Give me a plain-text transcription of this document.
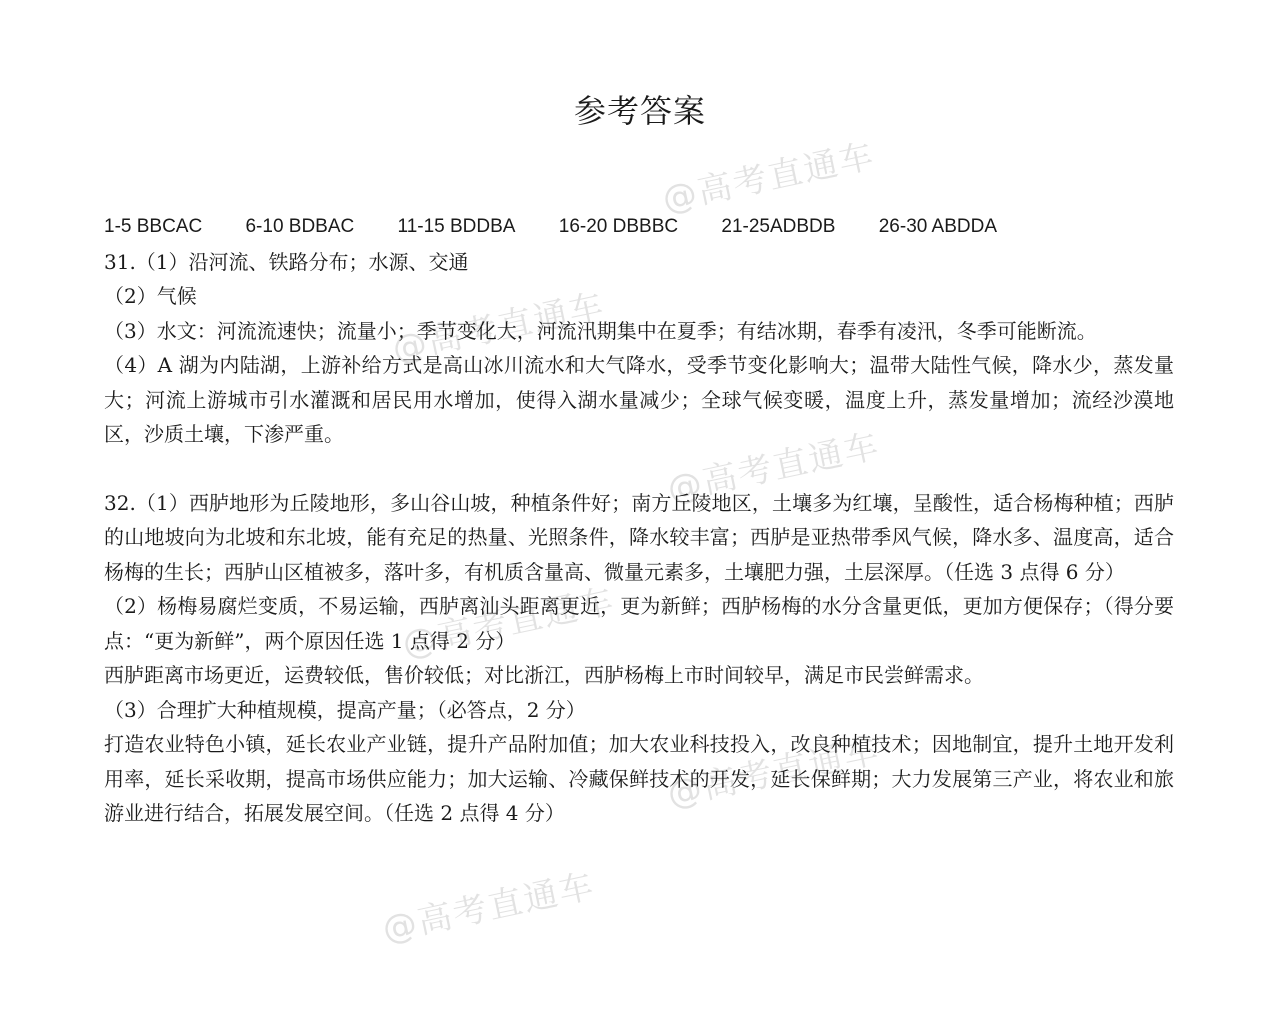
参考答案
@高考直通车
@高考直通车
@高考直通车
@高考直通车
@高考直通车
@高考直通车

1-5 BBCAC 6-10 BDBAC 11-15 BDDBA 16-20 DBBBC 21-25ADBDB 26-30 ABDDA

31.（1）沿河流、铁路分布；水源、交通

（2）气候

（3）水文：河流流速快；流量小；季节变化大，河流汛期集中在夏季；有结冰期，春季有凌汛，冬季可能断流。

（4）A 湖为内陆湖，上游补给方式是高山冰川流水和大气降水，受季节变化影响大；温带大陆性气候，降水少，蒸发量大；河流上游城市引水灌溉和居民用水增加，使得入湖水量减少；全球气候变暖，温度上升，蒸发量增加；流经沙漠地区，沙质土壤，下渗严重。

32.（1）西胪地形为丘陵地形，多山谷山坡，种植条件好；南方丘陵地区，土壤多为红壤，呈酸性，适合杨梅种植；西胪的山地坡向为北坡和东北坡，能有充足的热量、光照条件，降水较丰富；西胪是亚热带季风气候，降水多、温度高，适合杨梅的生长；西胪山区植被多，落叶多，有机质含量高、微量元素多，土壤肥力强，土层深厚。（任选 3 点得 6 分）

（2）杨梅易腐烂变质，不易运输，西胪离汕头距离更近，更为新鲜；西胪杨梅的水分含量更低，更加方便保存；（得分要点：“更为新鲜”，两个原因任选 1 点得 2 分）

西胪距离市场更近，运费较低，售价较低；对比浙江，西胪杨梅上市时间较早，满足市民尝鲜需求。

（3）合理扩大种植规模，提高产量；（必答点，2 分）

打造农业特色小镇，延长农业产业链，提升产品附加值；加大农业科技投入，改良种植技术；因地制宜，提升土地开发利用率，延长采收期，提高市场供应能力；加大运输、冷藏保鲜技术的开发，延长保鲜期；大力发展第三产业，将农业和旅游业进行结合，拓展发展空间。（任选 2 点得 4 分）
